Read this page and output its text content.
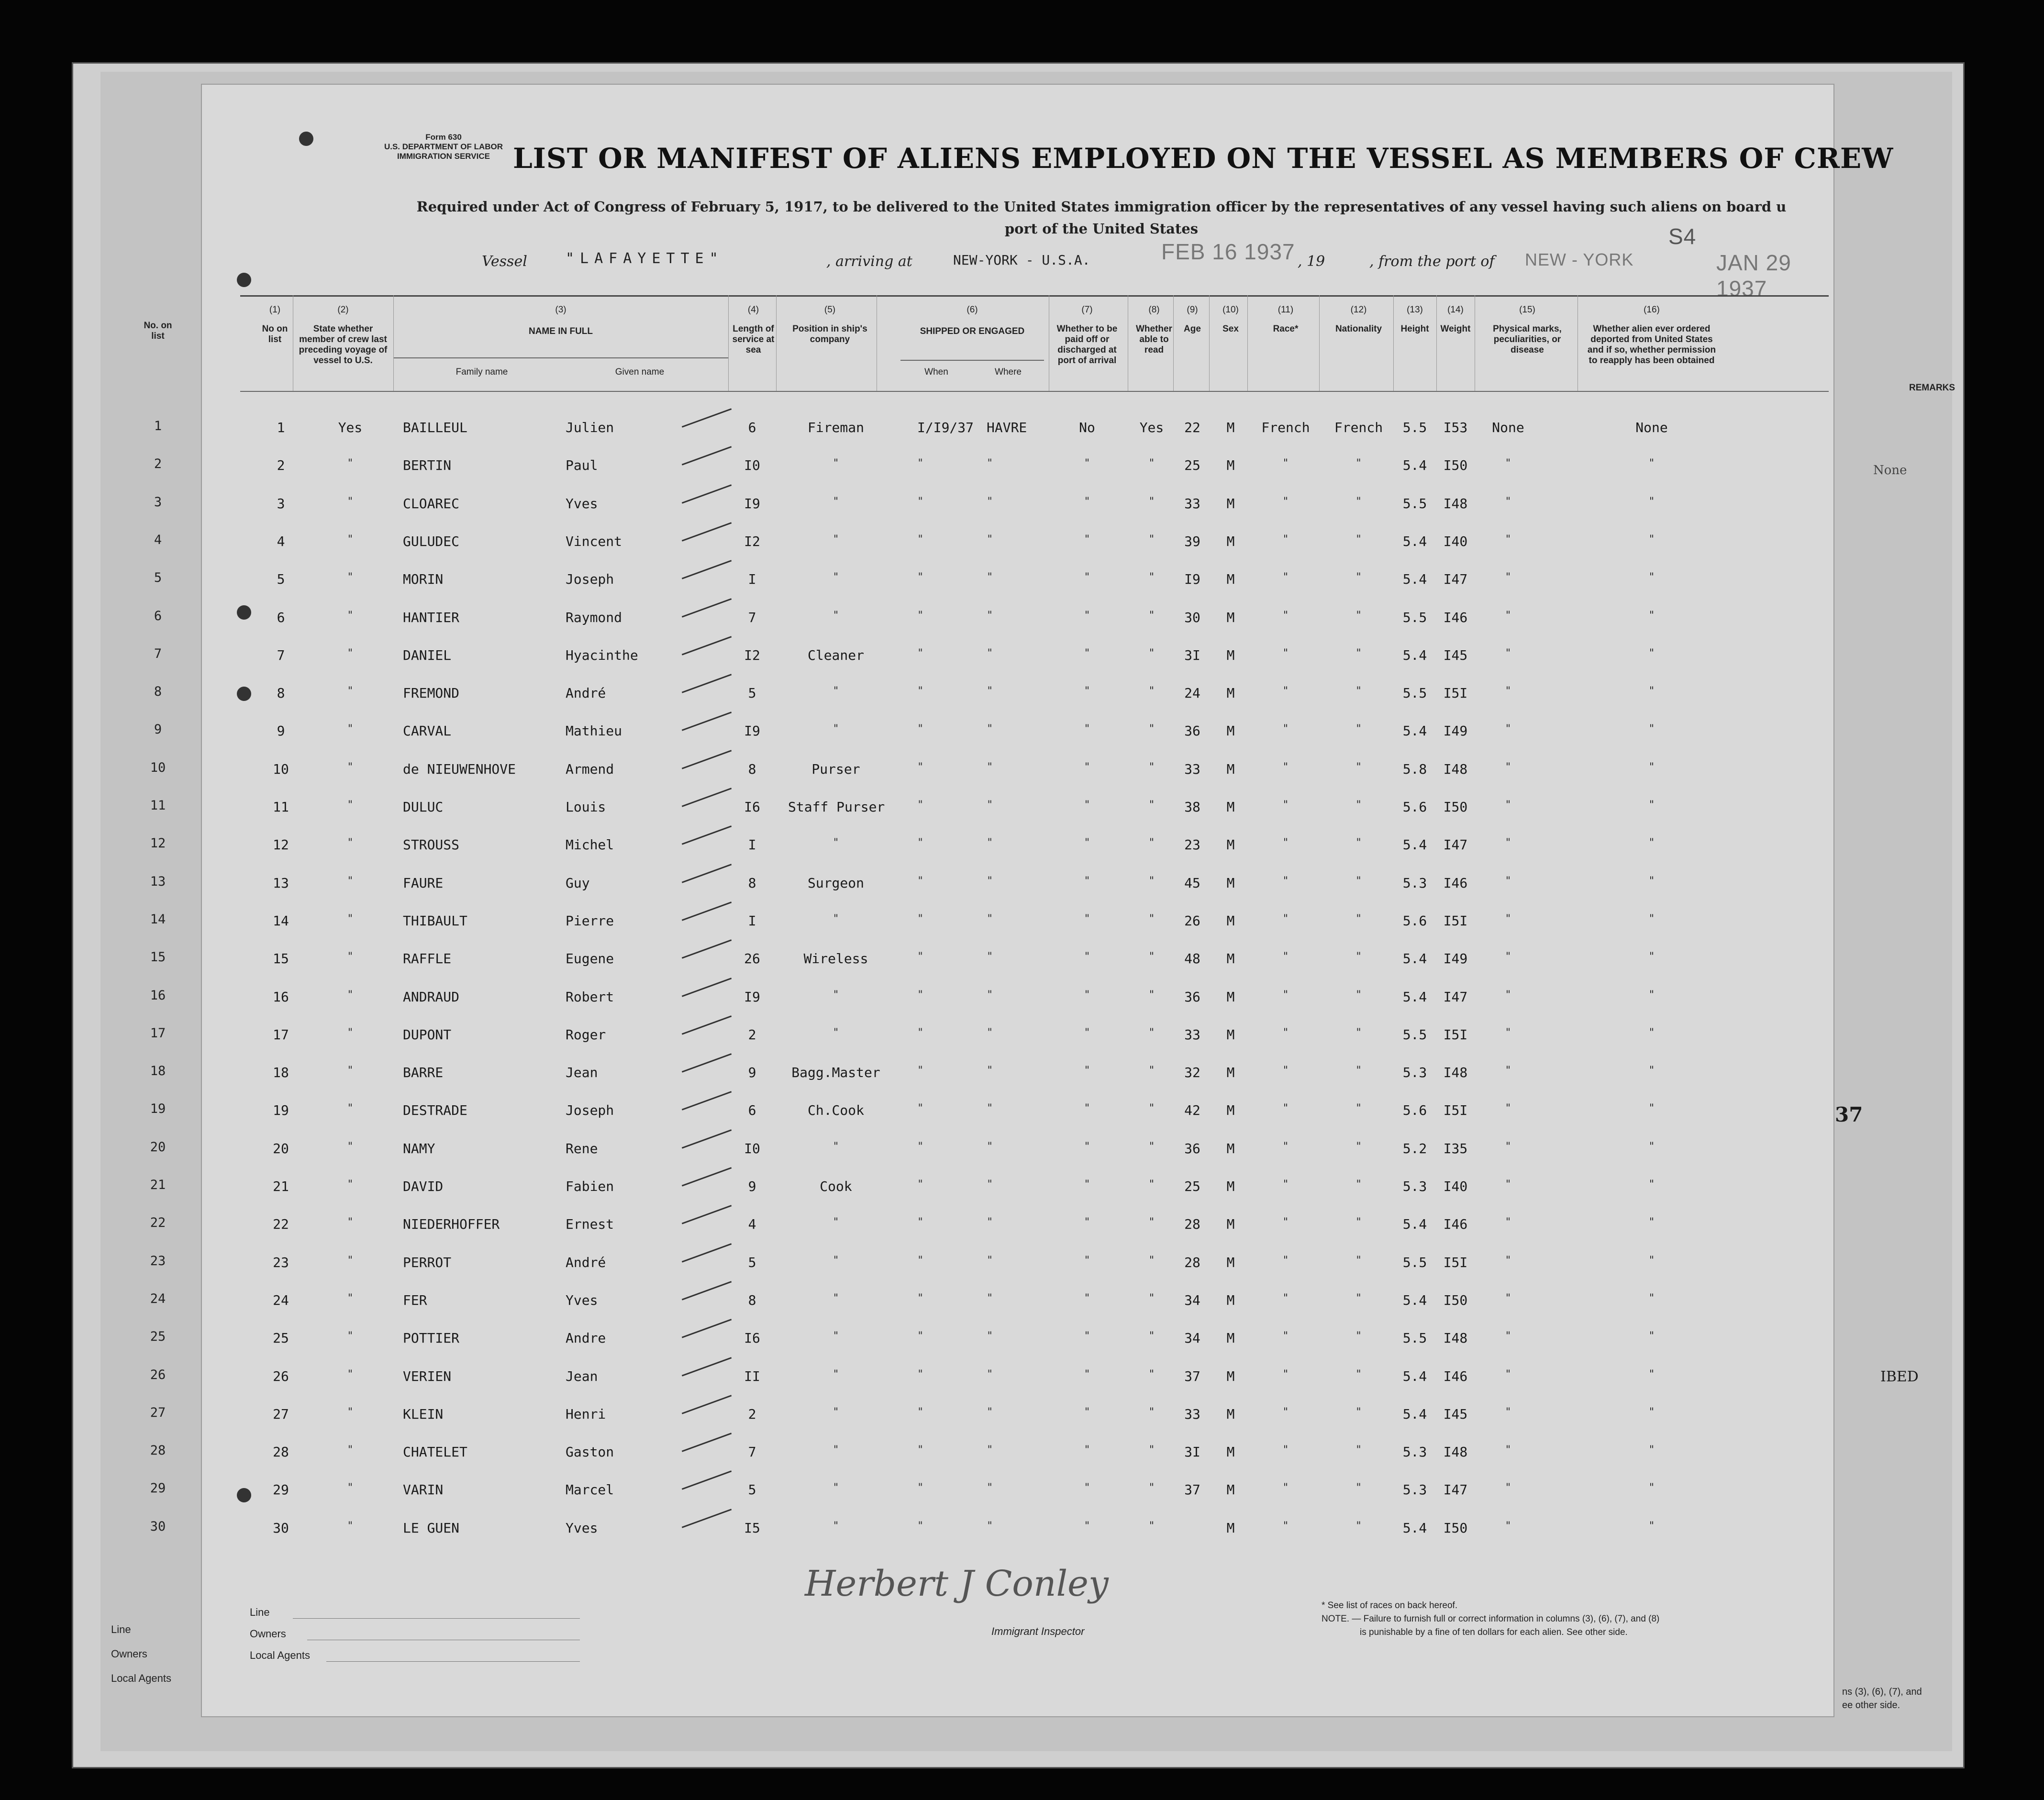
1
2
3
4
5
6
7
8
9
10
11
12
13
14
15
16
17
18
19
20
21
22
23
24
25
26
27
28
29
30
No. on list
REMARKS
None
IBED
37
ns (3), (6), (7), and
ee other side.
Line
Owners
Local Agents
Form 630
U.S. DEPARTMENT OF LABOR
IMMIGRATION SERVICE LIST OR MANIFEST OF ALIENS EMPLOYED ON THE VESSEL AS MEMBERS OF CREW
Required under Act of Congress of February 5, 1917, to be delivered to the United States immigration officer by the representatives of any vessel having such aliens on board u
port of the United States
Vessel	"LAFAYETTE"	, arriving at	NEW-YORK - U.S.A.	FEB 16 1937 , 19	, from the port of NEW - YORK
S4
JAN 29 1937
(1)
No on list
(2)
State whether member of crew last preceding voyage of vessel to U.S.
(3)
NAME IN FULL
Family name	Given name
(4)
Length of service at sea
(5)
Position in ship's company
(6)
SHIPPED OR ENGAGED
When	Where
(7)
Whether to be paid off or discharged at port of arrival
(8)
Whether able to read
(9)
Age
(10)
Sex
(11)
Race*
(12)
Nationality
(13)
Height
(14)
Weight
(15)
Physical marks, peculiarities, or disease
(16)
Whether alien ever ordered deported from United States and if so, whether permission to reapply has been obtained
1	Yes	BAILLEUL	Julien	6	Fireman	I/I9/37 HAVRE	No	Yes	22	M	French	French	5.5	I53	None	None
2	"	BERTIN	Paul	I0	"	"	"	"	"	25	M	"	"	5.4	I50	"	"
3	"	CLOAREC	Yves	I9	"	"	"	"	"	33	M	"	"	5.5	I48	"	"
4	"	GULUDEC	Vincent	I2	"	"	"	"	"	39	M	"	"	5.4	I40	"	"
5	"	MORIN	Joseph	I	"	"	"	"	"	I9	M	"	"	5.4	I47	"	"
6	"	HANTIER	Raymond	7	"	"	"	"	"	30	M	"	"	5.5	I46	"	"
7	"	DANIEL	Hyacinthe	I2	Cleaner	"	"	"	"	3I	M	"	"	5.4	I45	"	"
8	"	FREMOND	André	5	"	"	"	"	"	24	M	"	"	5.5	I5I	"	"
9	"	CARVAL	Mathieu	I9	"	"	"	"	"	36	M	"	"	5.4	I49	"	"
10	"	de NIEUWENHOVE	Armend	8	Purser	"	"	"	"	33	M	"	"	5.8	I48	"	"
11	"	DULUC	Louis	I6	Staff Purser	"	"	"	"	38	M	"	"	5.6	I50	"	"
12	"	STROUSS	Michel	I	"	"	"	"	"	23	M	"	"	5.4	I47	"	"
13	"	FAURE	Guy	8	Surgeon	"	"	"	"	45	M	"	"	5.3	I46	"	"
14	"	THIBAULT	Pierre	I	"	"	"	"	"	26	M	"	"	5.6	I5I	"	"
15	"	RAFFLE	Eugene	26	Wireless	"	"	"	"	48	M	"	"	5.4	I49	"	"
16	"	ANDRAUD	Robert	I9	"	"	"	"	"	36	M	"	"	5.4	I47	"	"
17	"	DUPONT	Roger	2	"	"	"	"	"	33	M	"	"	5.5	I5I	"	"
18	"	BARRE	Jean	9	Bagg.Master	"	"	"	"	32	M	"	"	5.3	I48	"	"
19	"	DESTRADE	Joseph	6	Ch.Cook	"	"	"	"	42	M	"	"	5.6	I5I	"	"
20	"	NAMY	Rene	I0	"	"	"	"	"	36	M	"	"	5.2	I35	"	"
21	"	DAVID	Fabien	9	Cook	"	"	"	"	25	M	"	"	5.3	I40	"	"
22	"	NIEDERHOFFER	Ernest	4	"	"	"	"	"	28	M	"	"	5.4	I46	"	"
23	"	PERROT	André	5	"	"	"	"	"	28	M	"	"	5.5	I5I	"	"
24	"	FER	Yves	8	"	"	"	"	"	34	M	"	"	5.4	I50	"	"
25	"	POTTIER	Andre	I6	"	"	"	"	"	34	M	"	"	5.5	I48	"	"
26	"	VERIEN	Jean	II	"	"	"	"	"	37	M	"	"	5.4	I46	"	"
27	"	KLEIN	Henri	2	"	"	"	"	"	33	M	"	"	5.4	I45	"	"
28	"	CHATELET	Gaston	7	"	"	"	"	"	3I	M	"	"	5.3	I48	"	"
29	"	VARIN	Marcel	5	"	"	"	"	"	37	M	"	"	5.3	I47	"	"
30	"	LE GUEN	Yves	I5	"	"	"	"	"	M	"	"	5.4	I50	"	"
Herbert J Conley
Immigrant Inspector
Line
Owners
Local Agents
* See list of races on back hereof.
NOTE. — Failure to furnish full or correct information in columns (3), (6), (7), and (8)
is punishable by a fine of ten dollars for each alien. See other side.
